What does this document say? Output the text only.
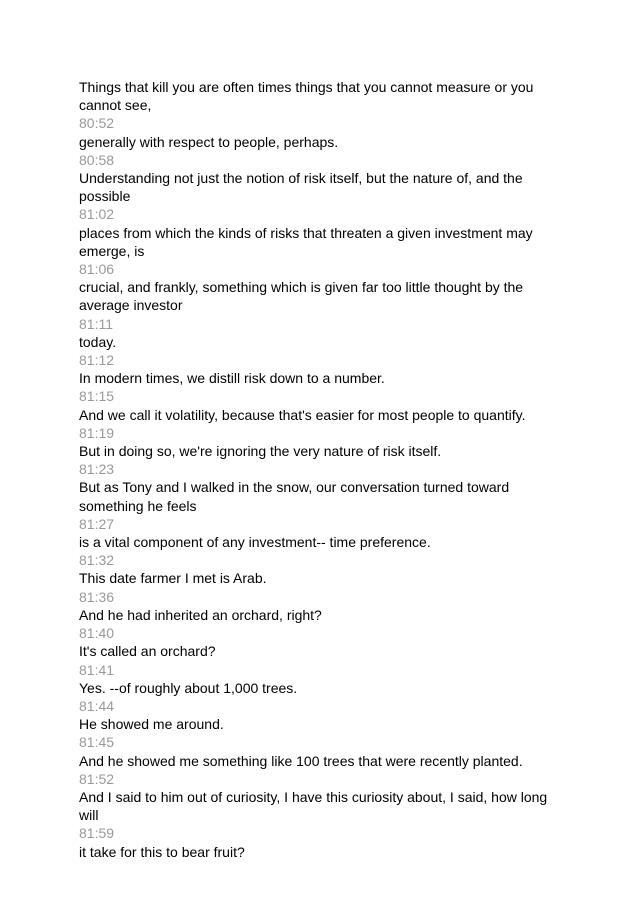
Things that kill you are often times things that you cannot measure or you cannot see,
80:52
generally with respect to people, perhaps.
80:58
Understanding not just the notion of risk itself, but the nature of, and the possible
81:02
places from which the kinds of risks that threaten a given investment may emerge, is
81:06
crucial, and frankly, something which is given far too little thought by the average investor
81:11
today.
81:12
In modern times, we distill risk down to a number.
81:15
And we call it volatility, because that's easier for most people to quantify.
81:19
But in doing so, we're ignoring the very nature of risk itself.
81:23
But as Tony and I walked in the snow, our conversation turned toward something he feels
81:27
is a vital component of any investment-- time preference.
81:32
This date farmer I met is Arab.
81:36
And he had inherited an orchard, right?
81:40
It's called an orchard?
81:41
Yes. --of roughly about 1,000 trees.
81:44
He showed me around.
81:45
And he showed me something like 100 trees that were recently planted.
81:52
And I said to him out of curiosity, I have this curiosity about, I said, how long will
81:59
it take for this to bear fruit?
